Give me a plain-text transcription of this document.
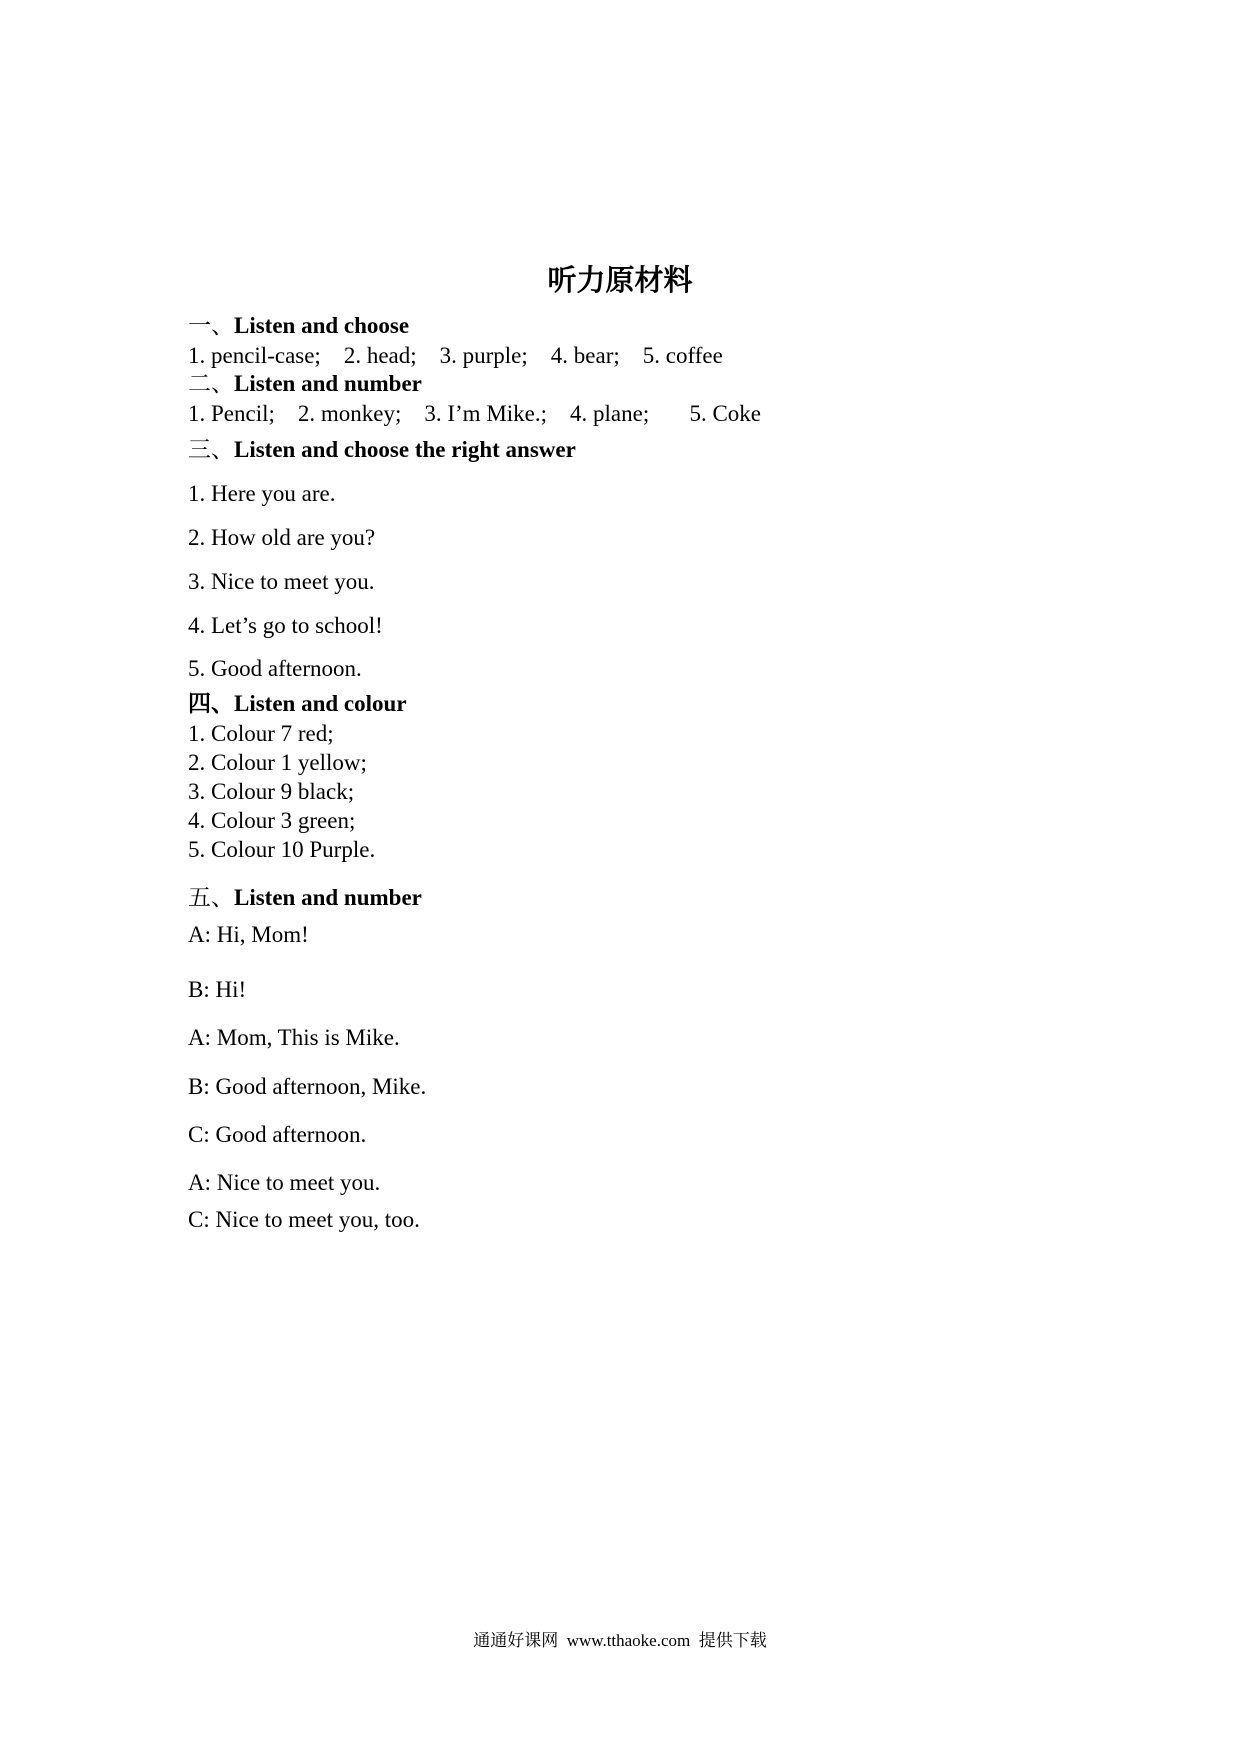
听力原材料
一、Listen and choose
1. pencil-case;    2. head;    3. purple;    4. bear;    5. coffee
二、Listen and number
1. Pencil;    2. monkey;    3. I’m Mike.;    4. plane;       5. Coke
三、Listen and choose the right answer
1. Here you are.
2. How old are you?
3. Nice to meet you.
4. Let’s go to school!
5. Good afternoon.
四、Listen and colour
1. Colour 7 red;
2. Colour 1 yellow;
3. Colour 9 black;
4. Colour 3 green;
5. Colour 10 Purple.
五、Listen and number
A: Hi, Mom!
B: Hi!
A: Mom, This is Mike.
B: Good afternoon, Mike.
C: Good afternoon.
A: Nice to meet you.
C: Nice to meet you, too.
通通好课网 www.tthaoke.com 提供下载
